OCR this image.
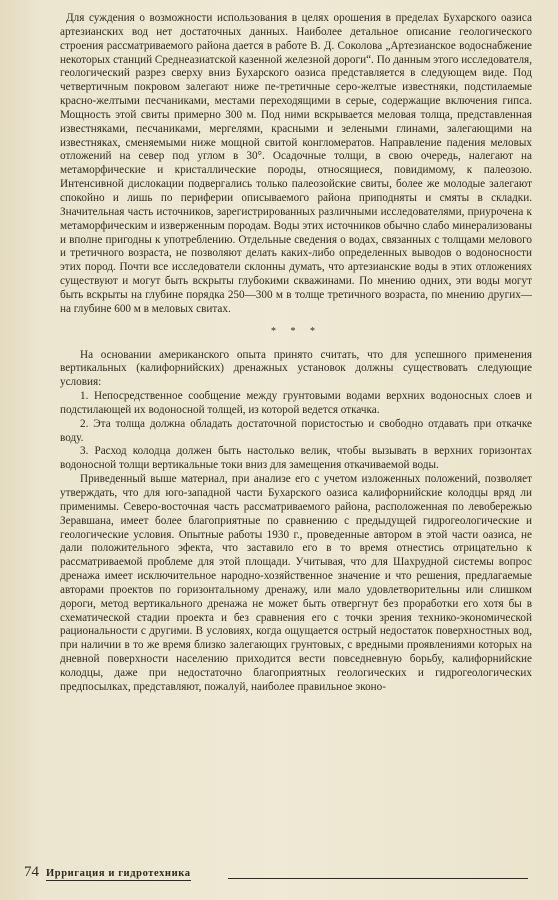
Для суждения о возможности использования в целях орошения в пределах Бухарского оазиса артезианских вод нет достаточных данных. Наиболее детальное описание геологического строения рассматриваемого района дается в работе В. Д. Соколова „Артезианское водоснабжение некоторых станций Среднеазиатской казенной железной дороги“. По данным этого исследователя, геологический разрез сверху вниз Бухарского оазиса представляется в следующем виде. Под четвертичным покровом залегают ниже пе-третичные серо-желтые известняки, подстилаемые красно-желтыми песчаниками, местами переходящими в серые, содержащие включения гипса. Мощность этой свиты примерно 300 м. Под ними вскрывается меловая толща, представленная известняками, песчаниками, мергелями, красными и зелеными глинами, залегающими на известняках, сменяемыми ниже мощной свитой конгломератов. Направление падения меловых отложений на север под углом в 30°. Осадочные толщи, в свою очередь, налегают на метаморфические и кристаллические породы, относящиеся, повидимому, к палеозою. Интенсивной дислокации подвергались только палеозойские свиты, более же молодые залегают спокойно и лишь по периферии описываемого района приподняты и смяты в складки. Значительная часть источников, зарегистрированных различными исследователями, приурочена к метаморфическим и изверженным породам. Воды этих источников обычно слабо минерализованы и вполне пригодны к употреблению. Отдельные сведения о водах, связанных с толщами мелового и третичного возраста, не позволяют делать каких-либо определенных выводов о водоносности этих пород. Почти все исследователи склонны думать, что артезианские воды в этих отложениях существуют и могут быть вскрыты глубокими скважинами. По мнению одних, эти воды могут быть вскрыты на глубине порядка 250—300 м в толще третичного возраста, по мнению других—на глубине 600 м в меловых свитах.

* * *

На основании американского опыта принято считать, что для успешного применения вертикальных (калифорнийских) дренажных установок должны существовать следующие условия:

1. Непосредственное сообщение между грунтовыми водами верхних водоносных слоев и подстилающей их водоносной толщей, из которой ведется откачка.

2. Эта толща должна обладать достаточной пористостью и свободно отдавать при откачке воду.

3. Расход колодца должен быть настолько велик, чтобы вызывать в верхних горизонтах водоносной толщи вертикальные токи вниз для замещения откачиваемой воды.

Приведенный выше материал, при анализе его с учетом изложенных положений, позволяет утверждать, что для юго-западной части Бухарского оазиса калифорнийские колодцы вряд ли применимы. Северо-восточная часть рассматриваемого района, расположенная по левобережью Зеравшана, имеет более благоприятные по сравнению с предыдущей гидрогеологические и геологические условия. Опытные работы 1930 г., проведенные автором в этой части оазиса, не дали положительного эфекта, что заставило его в то время отнестись отрицательно к рассматриваемой проблеме для этой площади. Учитывая, что для Шахрудной системы вопрос дренажа имеет исключительное народно-хозяйственное значение и что решения, предлагаемые авторами проектов по горизонтальному дренажу, или мало удовлетворительны или слишком дороги, метод вертикального дренажа не может быть отвергнут без проработки его хотя бы в схематической стадии проекта и без сравнения его с точки зрения технико-экономической рациональности с другими. В условиях, когда ощущается острый недостаток поверхностных вод, при наличии в то же время близко залегающих грунтовых, с вредными проявлениями которых на дневной поверхности населению приходится вести повседневную борьбу, калифорнийские колодцы, даже при недостаточно благоприятных геологических и гидрогеологических предпосылках, представляют, пожалуй, наиболее правильное эконо-

74 Ирригация и гидротехника
